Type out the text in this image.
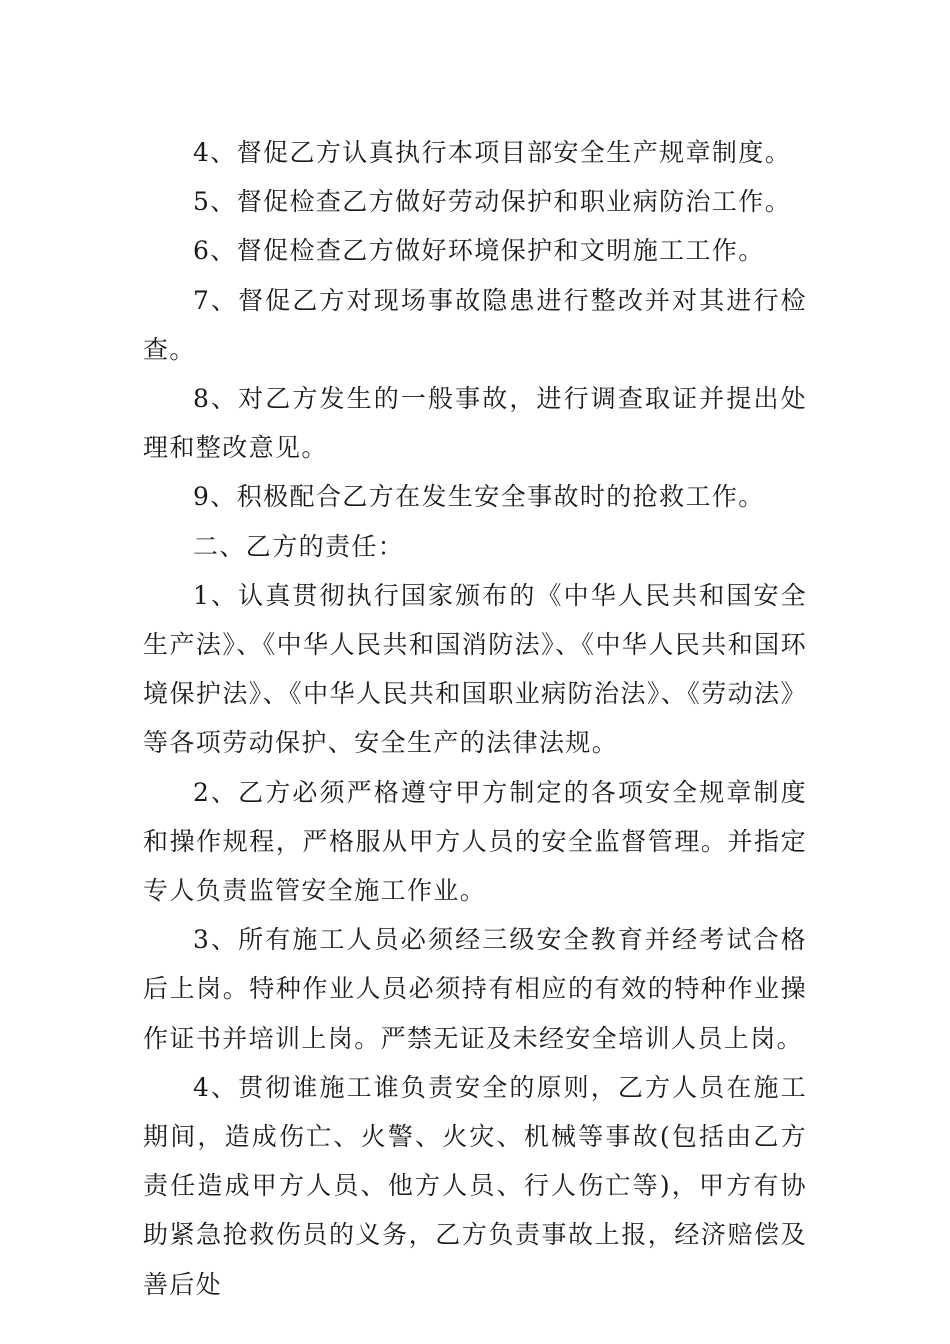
4、督促乙方认真执行本项目部安全生产规章制度。

5、督促检查乙方做好劳动保护和职业病防治工作。

6、督促检查乙方做好环境保护和文明施工工作。

7、督促乙方对现场事故隐患进行整改并对其进行检查。

8、对乙方发生的一般事故，进行调查取证并提出处理和整改意见。

9、积极配合乙方在发生安全事故时的抢救工作。

二、乙方的责任：

1、认真贯彻执行国家颁布的《中华人民共和国安全生产法》、《中华人民共和国消防法》、《中华人民共和国环境保护法》、《中华人民共和国职业病防治法》、《劳动法》等各项劳动保护、安全生产的法律法规。

2、乙方必须严格遵守甲方制定的各项安全规章制度和操作规程，严格服从甲方人员的安全监督管理。并指定专人负责监管安全施工作业。

3、所有施工人员必须经三级安全教育并经考试合格后上岗。特种作业人员必须持有相应的有效的特种作业操作证书并培训上岗。严禁无证及未经安全培训人员上岗。

4、贯彻谁施工谁负责安全的原则，乙方人员在施工期间，造成伤亡、火警、火灾、机械等事故(包括由乙方责任造成甲方人员、他方人员、行人伤亡等)，甲方有协助紧急抢救伤员的义务，乙方负责事故上报，经济赔偿及善后处
